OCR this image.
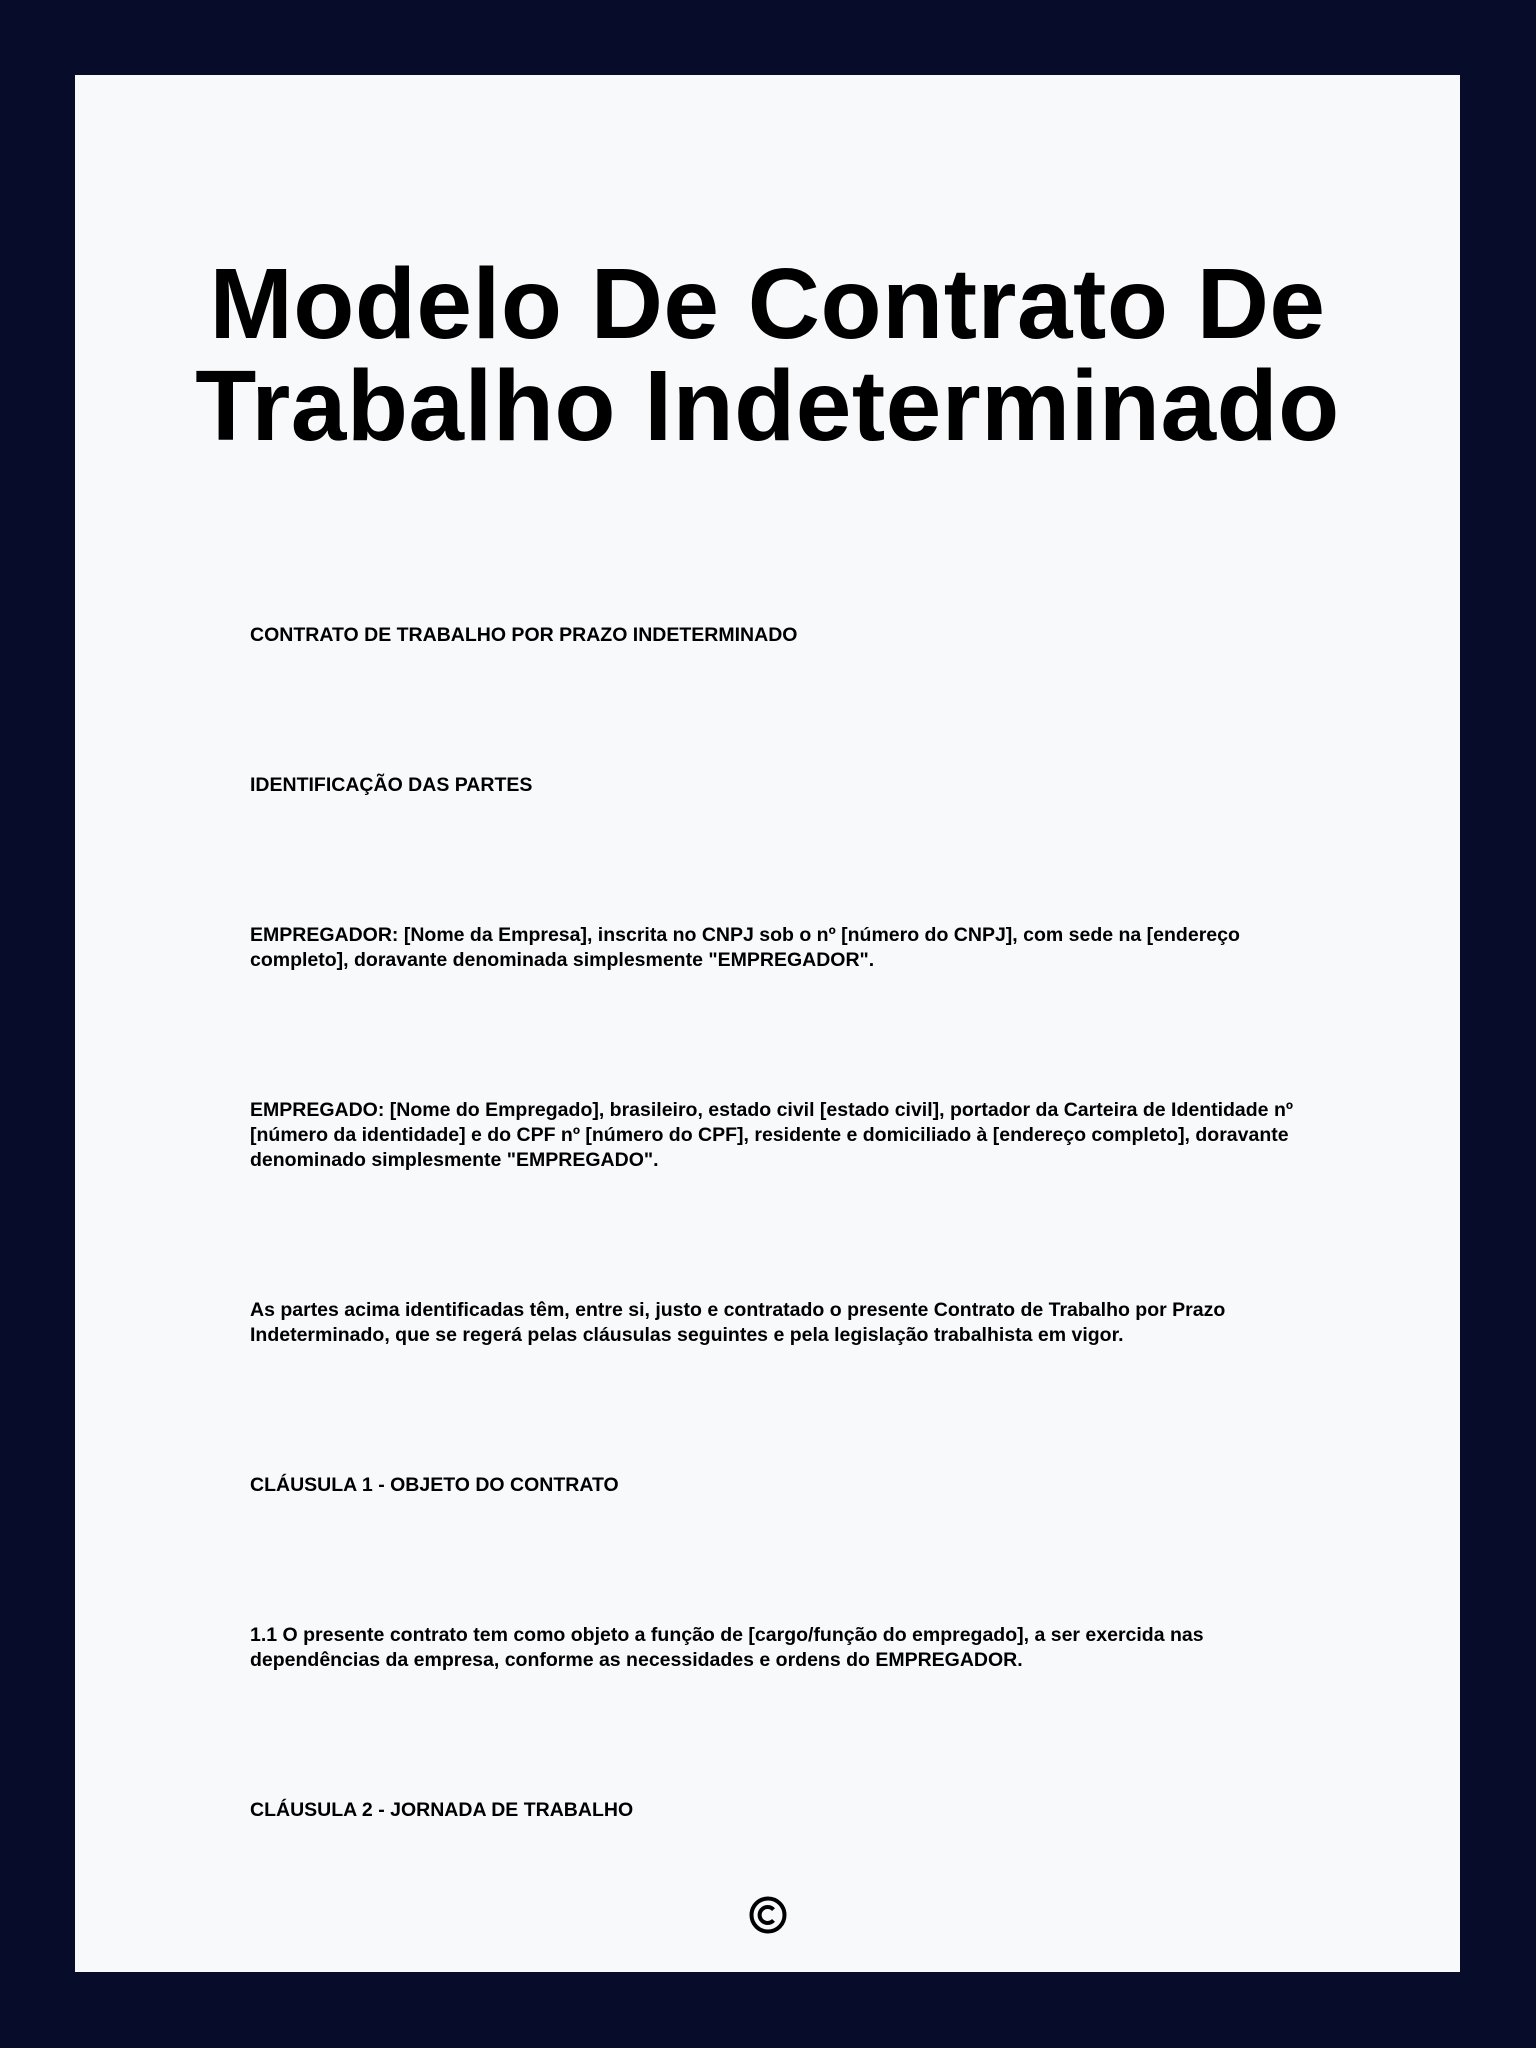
Modelo De Contrato De Trabalho Indeterminado

CONTRATO DE TRABALHO POR PRAZO INDETERMINADO

IDENTIFICAÇÃO DAS PARTES

EMPREGADOR: [Nome da Empresa], inscrita no CNPJ sob o nº [número do CNPJ], com sede na [endereço completo], doravante denominada simplesmente "EMPREGADOR".

EMPREGADO: [Nome do Empregado], brasileiro, estado civil [estado civil], portador da Carteira de Identidade nº [número da identidade] e do CPF nº [número do CPF], residente e domiciliado à [endereço completo], doravante denominado simplesmente "EMPREGADO".

As partes acima identificadas têm, entre si, justo e contratado o presente Contrato de Trabalho por Prazo Indeterminado, que se regerá pelas cláusulas seguintes e pela legislação trabalhista em vigor.

CLÁUSULA 1 - OBJETO DO CONTRATO

1.1 O presente contrato tem como objeto a função de [cargo/função do empregado], a ser exercida nas dependências da empresa, conforme as necessidades e ordens do EMPREGADOR.

CLÁUSULA 2 - JORNADA DE TRABALHO
